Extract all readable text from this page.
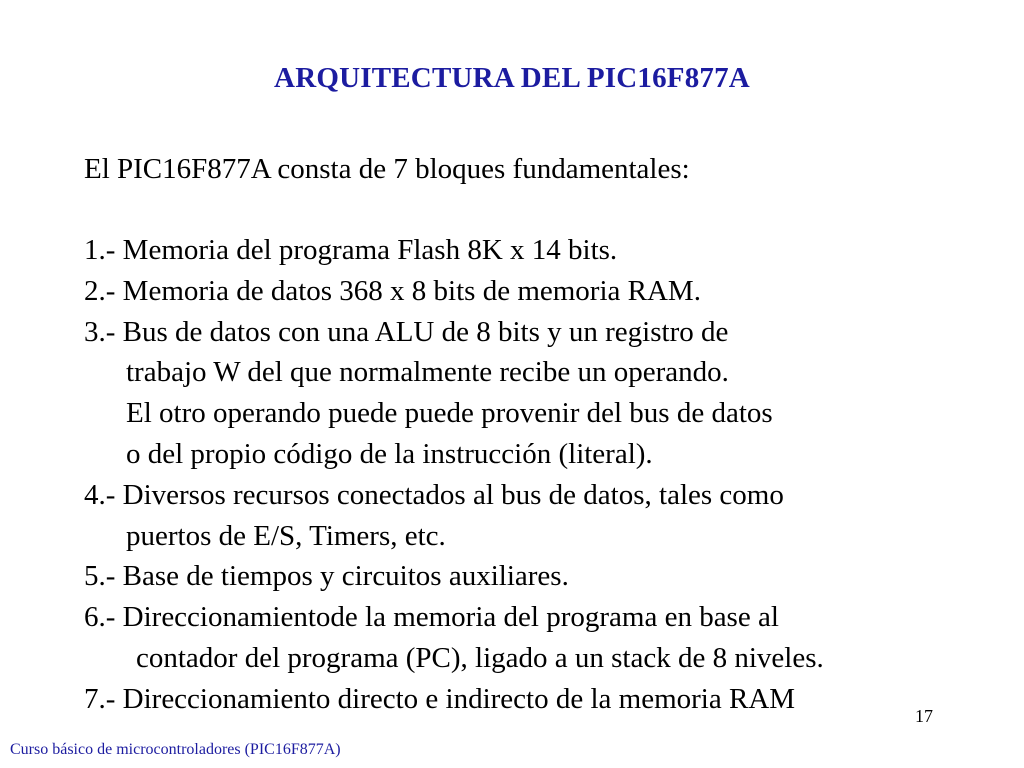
ARQUITECTURA DEL PIC16F877A
El PIC16F877A consta de 7 bloques fundamentales:
1.- Memoria del programa Flash 8K x 14 bits.
2.- Memoria de datos 368 x 8 bits de memoria RAM.
3.- Bus de datos con una ALU de 8 bits y un registro de
trabajo W del que normalmente recibe un operando.
El otro operando puede puede provenir del bus de datos
o del propio código de la instrucción (literal).
4.- Diversos recursos conectados al bus de datos, tales como
puertos de E/S, Timers, etc.
5.- Base de tiempos y circuitos auxiliares.
6.- Direccionamientode la memoria del programa en base al
contador del programa (PC), ligado a un stack de 8 niveles.
7.- Direccionamiento directo e indirecto de la memoria RAM
17
Curso básico de microcontroladores (PIC16F877A)
